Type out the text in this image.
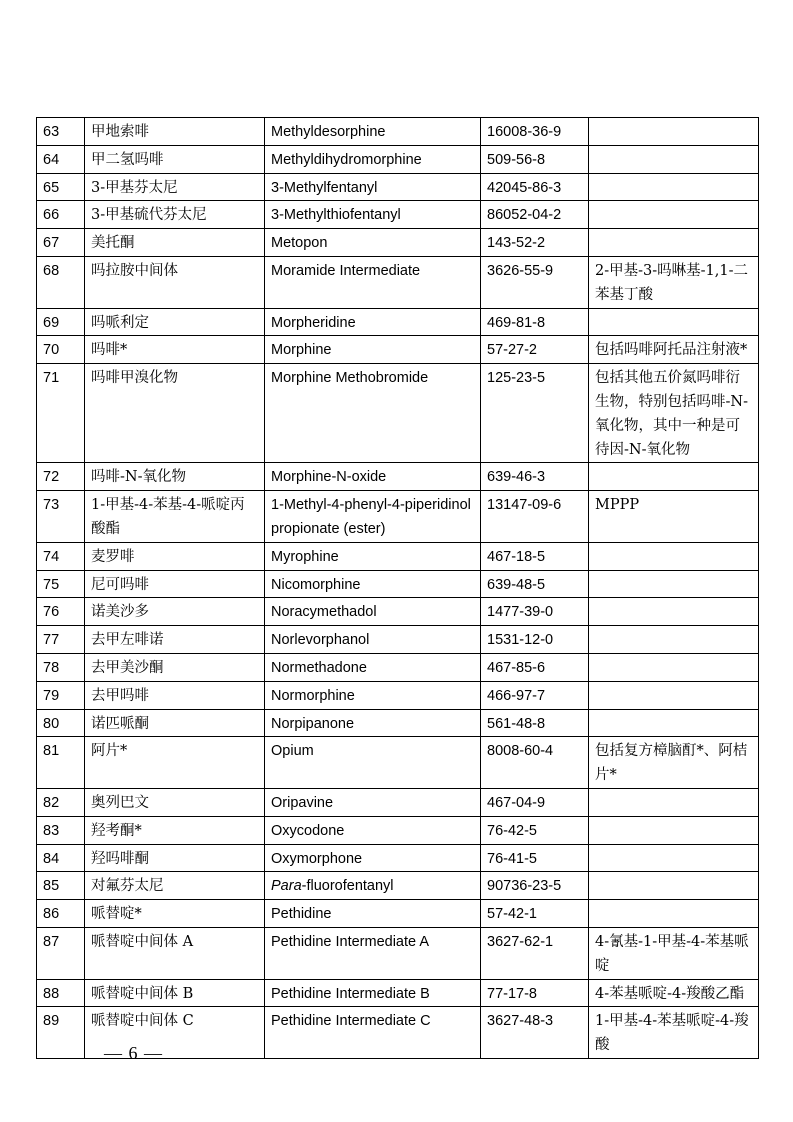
63	甲地索啡	Methyldesorphine	16008-36-9	
64	甲二氢吗啡	Methyldihydromorphine	509-56-8	
65	3-甲基芬太尼	3-Methylfentanyl	42045-86-3	
66	3-甲基硫代芬太尼	3-Methylthiofentanyl	86052-04-2	
67	美托酮	Metopon	143-52-2	
68	吗拉胺中间体	Moramide Intermediate	3626-55-9	2-甲基-3-吗啉基-1,1-二苯基丁酸
69	吗哌利定	Morpheridine	469-81-8	
70	吗啡*	Morphine	57-27-2	包括吗啡阿托品注射液*
71	吗啡甲溴化物	Morphine Methobromide	125-23-5	包括其他五价氮吗啡衍生物，特别包括吗啡-N-氧化物，其中一种是可待因-N-氧化物
72	吗啡-N-氧化物	Morphine-N-oxide	639-46-3	
73	1-甲基-4-苯基-4-哌啶丙酸酯	1-Methyl-4-phenyl-4-piperidinol propionate (ester)	13147-09-6	MPPP
74	麦罗啡	Myrophine	467-18-5	
75	尼可吗啡	Nicomorphine	639-48-5	
76	诺美沙多	Noracymethadol	1477-39-0	
77	去甲左啡诺	Norlevorphanol	1531-12-0	
78	去甲美沙酮	Normethadone	467-85-6	
79	去甲吗啡	Normorphine	466-97-7	
80	诺匹哌酮	Norpipanone	561-48-8	
81	阿片*	Opium	8008-60-4	包括复方樟脑酊*、阿桔片*
82	奥列巴文	Oripavine	467-04-9	
83	羟考酮*	Oxycodone	76-42-5	
84	羟吗啡酮	Oxymorphone	76-41-5	
85	对氟芬太尼	Para-fluorofentanyl	90736-23-5	
86	哌替啶*	Pethidine	57-42-1	
87	哌替啶中间体 A	Pethidine Intermediate A	3627-62-1	4-氰基-1-甲基-4-苯基哌啶
88	哌替啶中间体 B	Pethidine Intermediate B	77-17-8	4-苯基哌啶-4-羧酸乙酯
89	哌替啶中间体 C	Pethidine Intermediate C	3627-48-3	1-甲基-4-苯基哌啶-4-羧酸
— 6 —
